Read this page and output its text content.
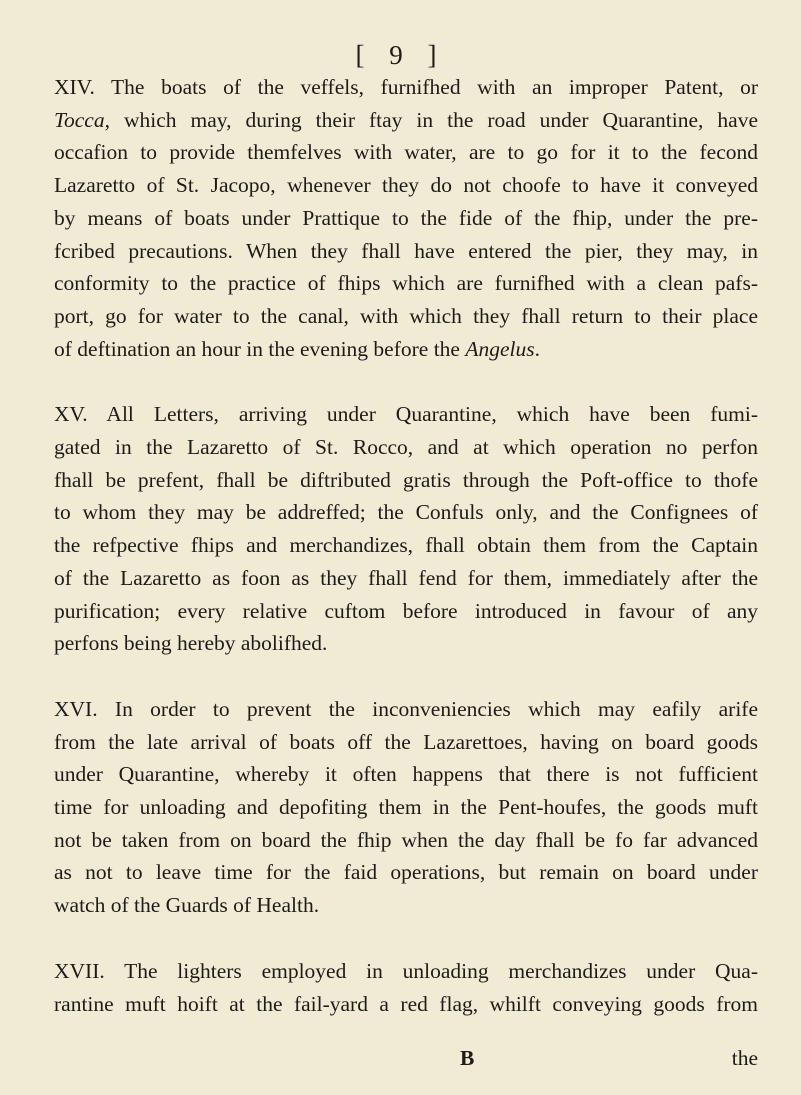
[ 9 ]
XIV. The boats of the veffels, furnifhed with an improper Patent, or
Tocca, which may, during their ftay in the road under Quarantine, have
occafion to provide themfelves with water, are to go for it to the fecond
Lazaretto of St. Jacopo, whenever they do not choofe to have it conveyed
by means of boats under Prattique to the fide of the fhip, under the pre-
fcribed precautions. When they fhall have entered the pier, they may, in
conformity to the practice of fhips which are furnifhed with a clean pafs-
port, go for water to the canal, with which they fhall return to their place
of deftination an hour in the evening before the Angelus.
XV. All Letters, arriving under Quarantine, which have been fumi-
gated in the Lazaretto of St. Rocco, and at which operation no perfon
fhall be prefent, fhall be diftributed gratis through the Poft-office to thofe
to whom they may be addreffed; the Confuls only, and the Confignees of
the refpective fhips and merchandizes, fhall obtain them from the Captain
of the Lazaretto as foon as they fhall fend for them, immediately after the
purification; every relative cuftom before introduced in favour of any
perfons being hereby abolifhed.
XVI. In order to prevent the inconveniencies which may eafily arife
from the late arrival of boats off the Lazarettoes, having on board goods
under Quarantine, whereby it often happens that there is not fufficient
time for unloading and depofiting them in the Pent-houfes, the goods muft
not be taken from on board the fhip when the day fhall be fo far advanced
as not to leave time for the faid operations, but remain on board under
watch of the Guards of Health.
XVII. The lighters employed in unloading merchandizes under Qua-
rantine muft hoift at the fail-yard a red flag, whilft conveying goods from
B	the
